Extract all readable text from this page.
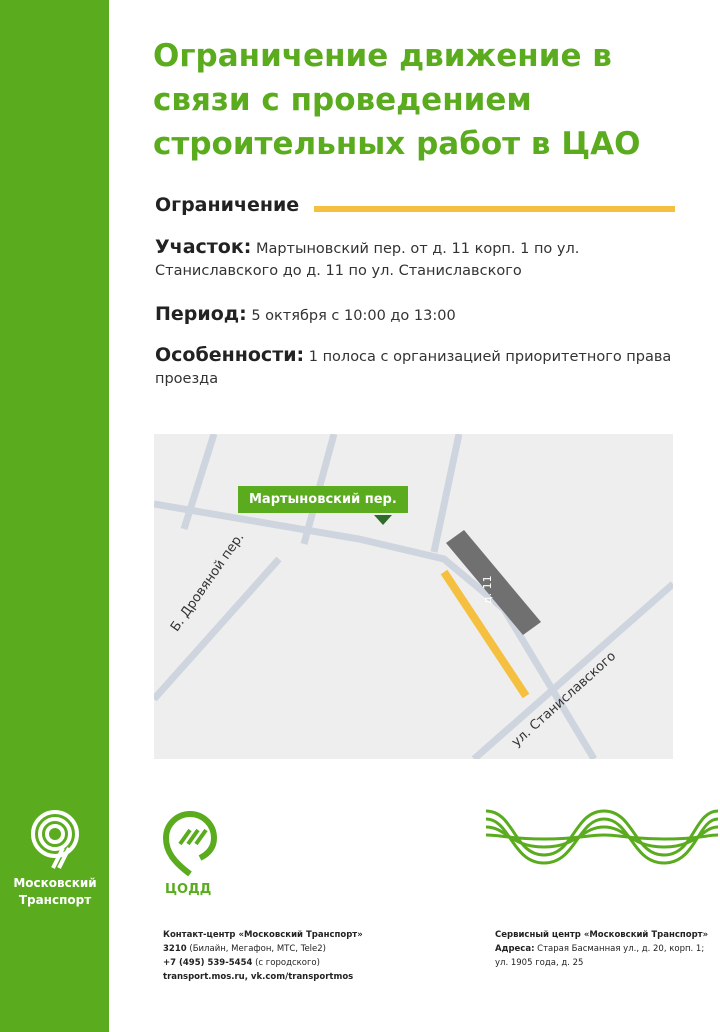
Московский
Транспорт
Ограничение движение в связи с проведением строительных работ в ЦАО
Ограничение
Участок: Мартыновский пер. от д. 11 корп. 1 по ул. Станиславского до д. 11 по ул. Станиславского
Период: 5 октября с 10:00 до 13:00
Особенности: 1 полоса с организацией приоритетного права проезда
Мартыновский пер.
Б. Дровяной пер.
ул. Станиславского
д. 11
ЦОДД
Контакт-центр «Московский Транспорт»
3210 (Билайн, Мегафон, МТС, Tele2)
+7 (495) 539-5454 (с городского)
transport.mos.ru, vk.com/transportmos
Сервисный центр «Московский Транспорт»
Адреса: Старая Басманная ул., д. 20, корп. 1;
ул. 1905 года, д. 25
